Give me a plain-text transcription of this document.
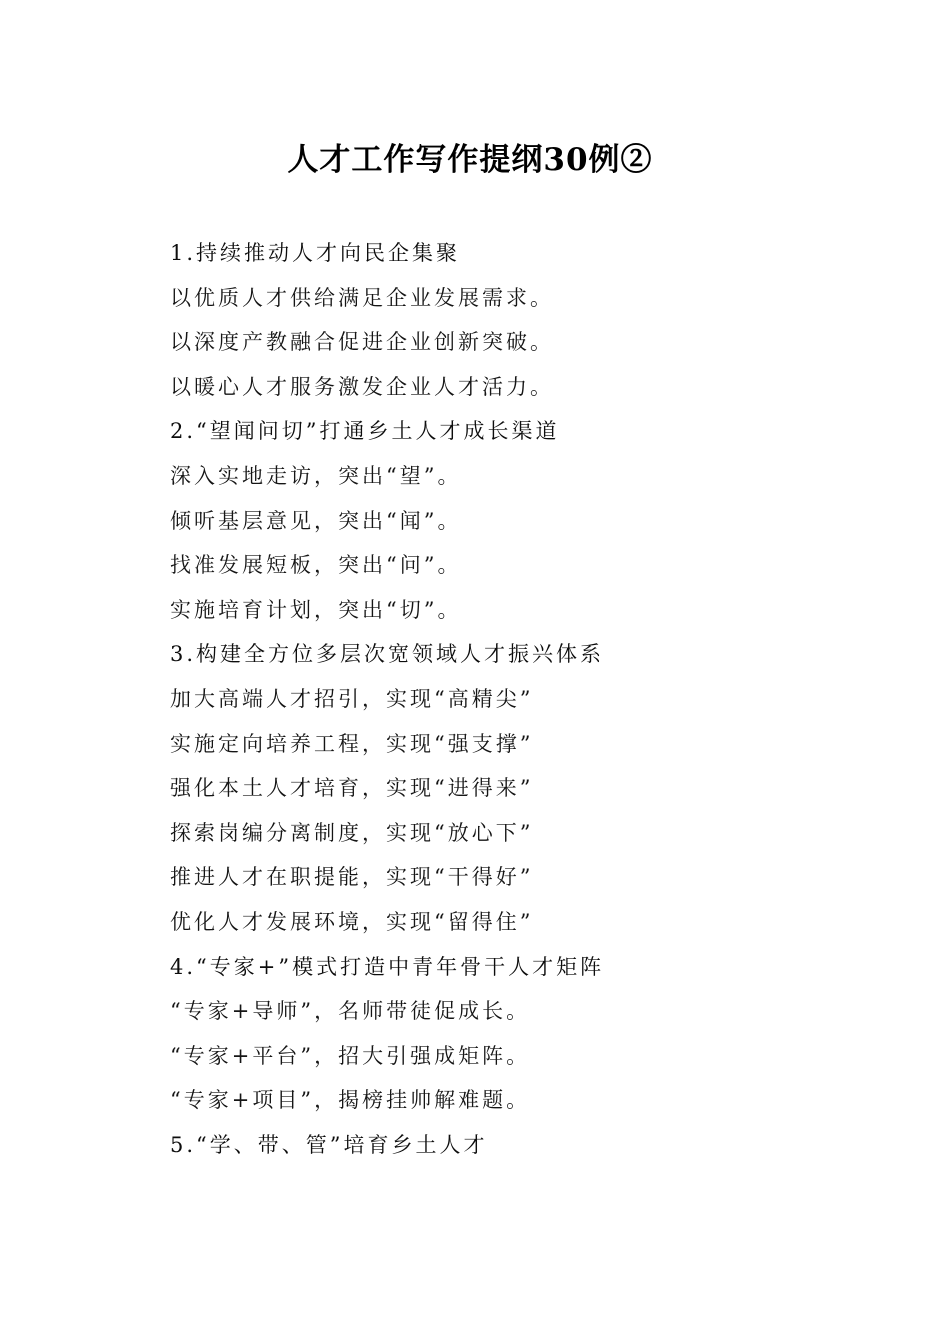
人才工作写作提纲30例②
1.持续推动人才向民企集聚
以优质人才供给满足企业发展需求。
以深度产教融合促进企业创新突破。
以暖心人才服务激发企业人才活力。
2.“望闻问切”打通乡土人才成长渠道
深入实地走访，突出“望”。
倾听基层意见，突出“闻”。
找准发展短板，突出“问”。
实施培育计划，突出“切”。
3.构建全方位多层次宽领域人才振兴体系
加大高端人才招引，实现“高精尖”
实施定向培养工程，实现“强支撑”
强化本土人才培育，实现“进得来”
探索岗编分离制度，实现“放心下”
推进人才在职提能，实现“干得好”
优化人才发展环境，实现“留得住”
4.“专家+”模式打造中青年骨干人才矩阵
“专家+导师”，名师带徒促成长。
“专家+平台”，招大引强成矩阵。
“专家+项目”，揭榜挂帅解难题。
5.“学、带、管”培育乡土人才
